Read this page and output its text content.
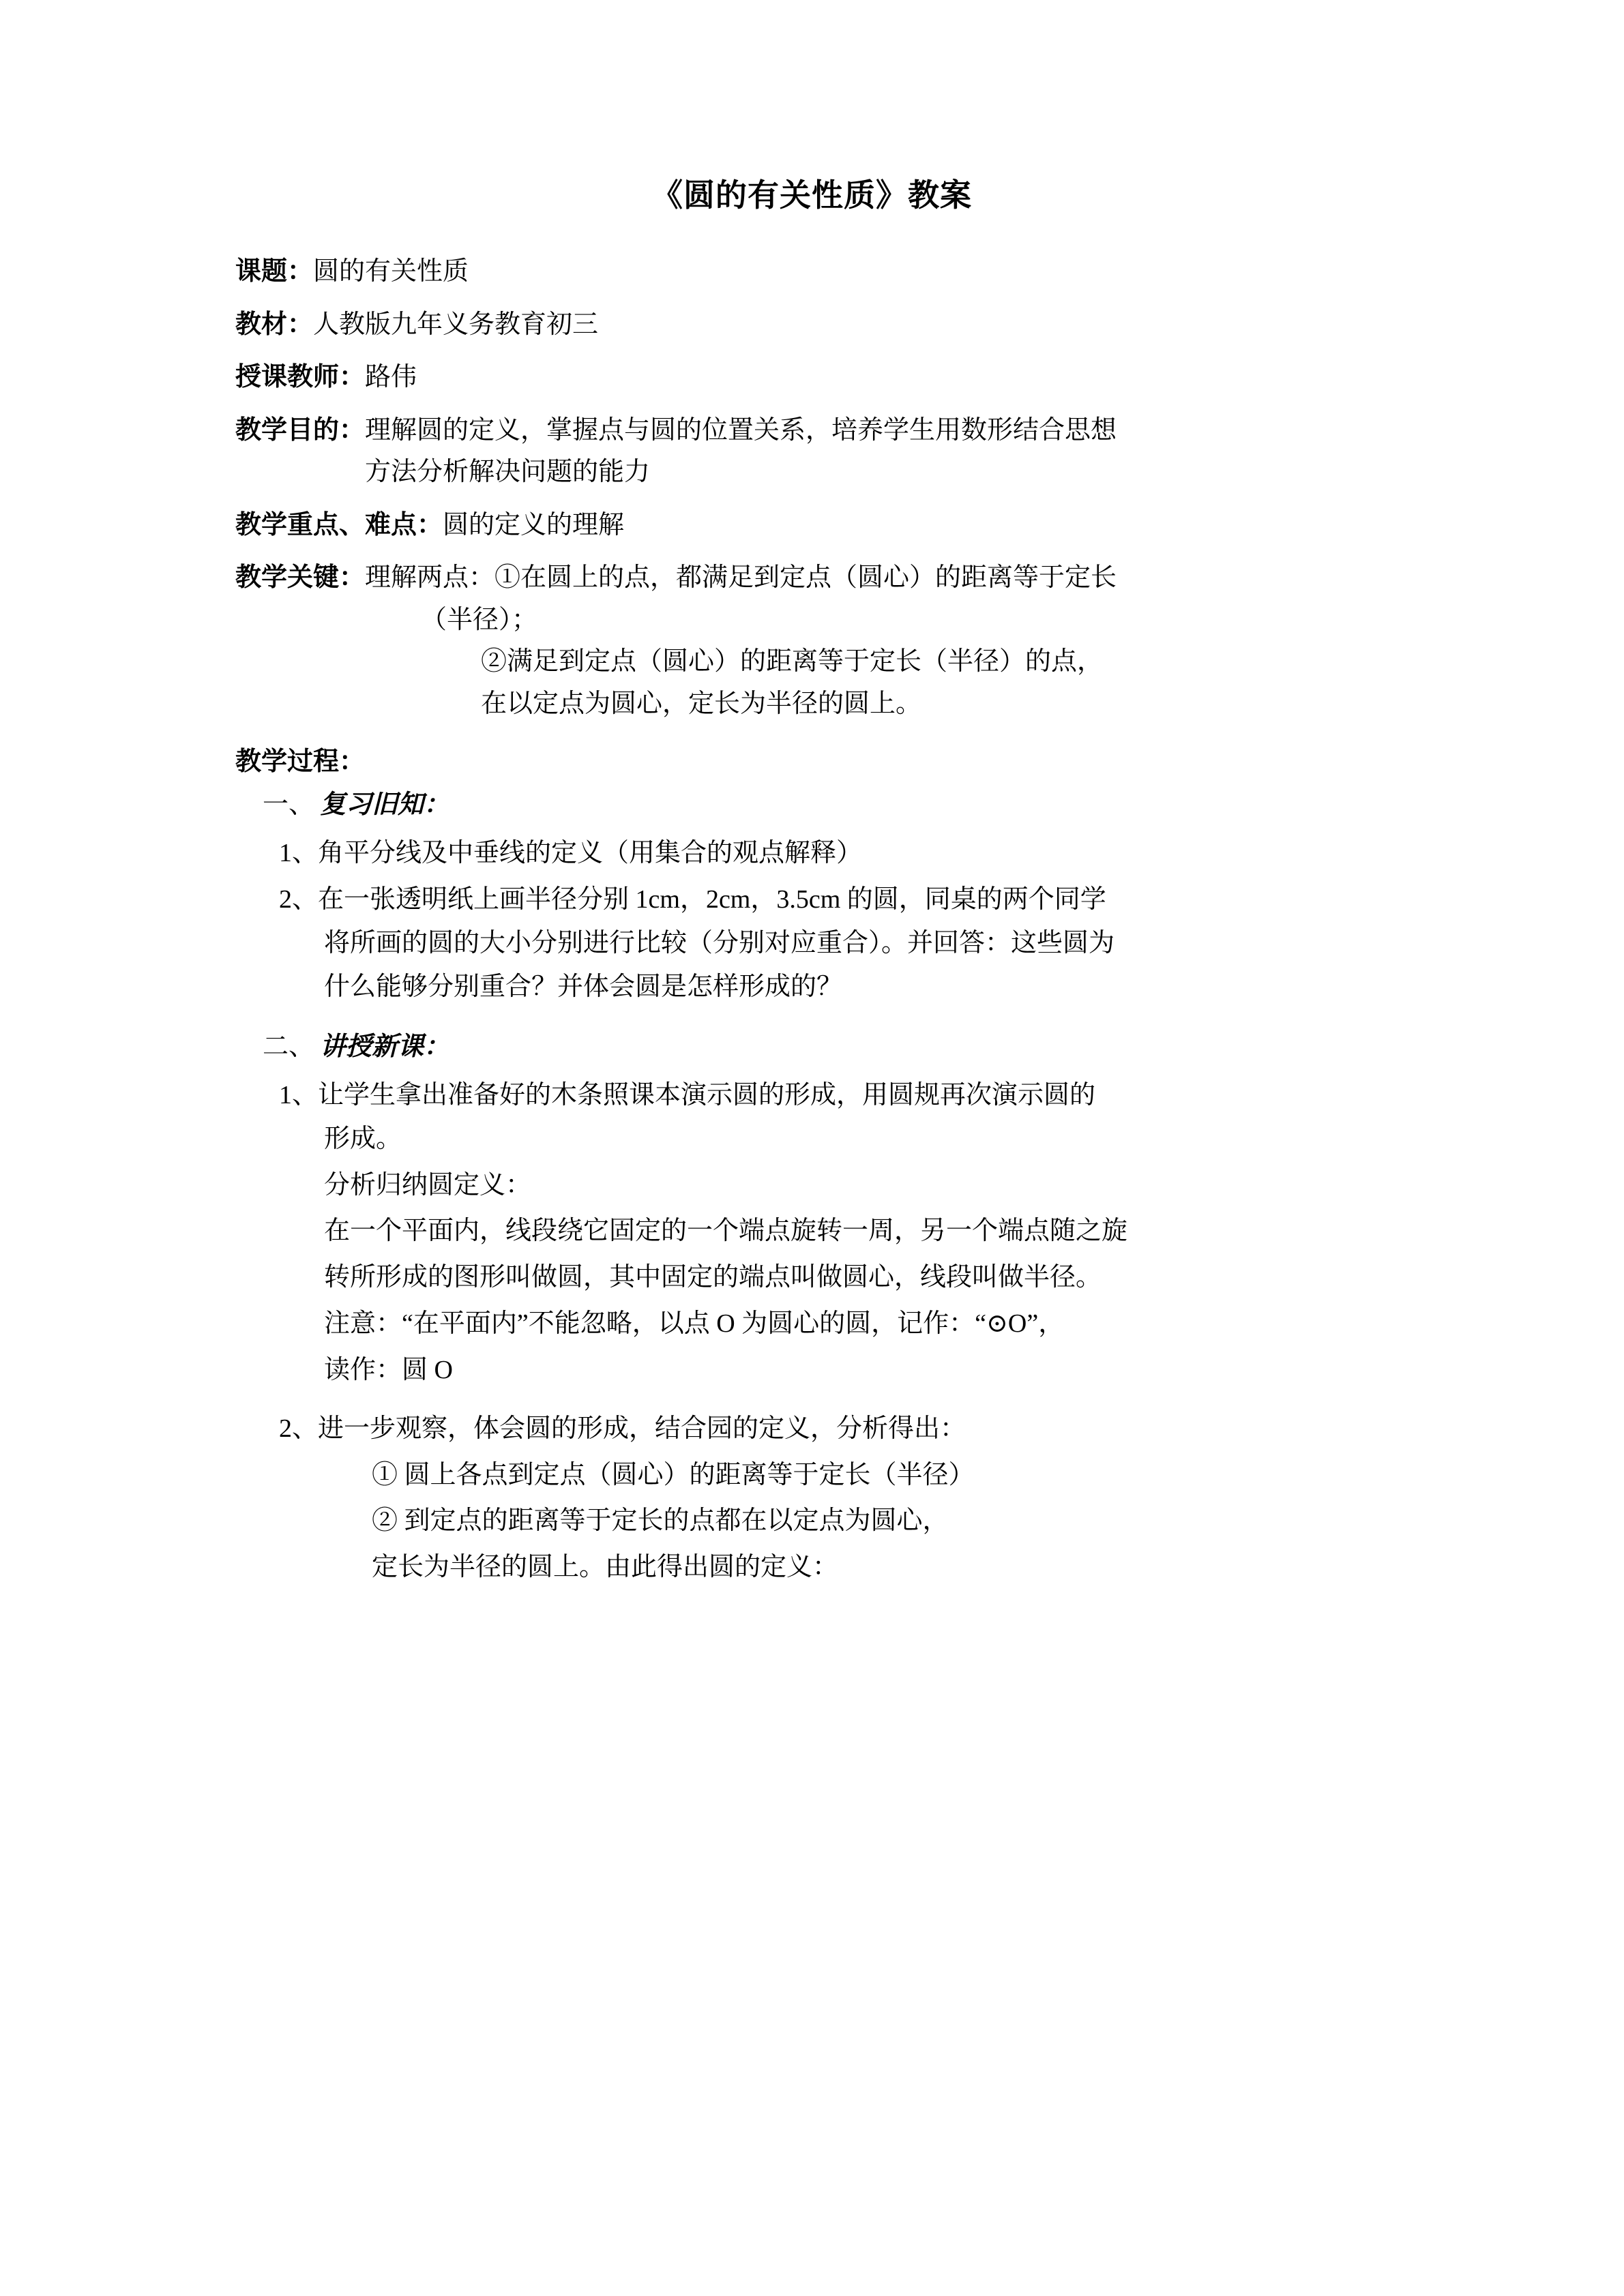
《圆的有关性质》教案
课题：圆的有关性质
教材：人教版九年义务教育初三
授课教师：路伟
教学目的：理解圆的定义，掌握点与圆的位置关系，培养学生用数形结合思想
方法分析解决问题的能力
教学重点、难点：圆的定义的理解
教学关键：理解两点：①在圆上的点，都满足到定点（圆心）的距离等于定长
（半径）；
②满足到定点（圆心）的距离等于定长（半径）的点，
在以定点为圆心，定长为半径的圆上。
教学过程：
一、 复习旧知：
1、角平分线及中垂线的定义（用集合的观点解释）
2、在一张透明纸上画半径分别 1cm，2cm，3.5cm 的圆，同桌的两个同学
将所画的圆的大小分别进行比较（分别对应重合）。并回答：这些圆为
什么能够分别重合？并体会圆是怎样形成的？
二、 讲授新课：
1、让学生拿出准备好的木条照课本演示圆的形成，用圆规再次演示圆的
形成。
分析归纳圆定义：
在一个平面内，线段绕它固定的一个端点旋转一周，另一个端点随之旋
转所形成的图形叫做圆，其中固定的端点叫做圆心，线段叫做半径。
注意：“在平面内”不能忽略，以点 O 为圆心的圆，记作：“⊙O”，
读作：圆 O
2、进一步观察，体会圆的形成，结合园的定义，分析得出：
① 圆上各点到定点（圆心）的距离等于定长（半径）
② 到定点的距离等于定长的点都在以定点为圆心，
定长为半径的圆上。由此得出圆的定义：
